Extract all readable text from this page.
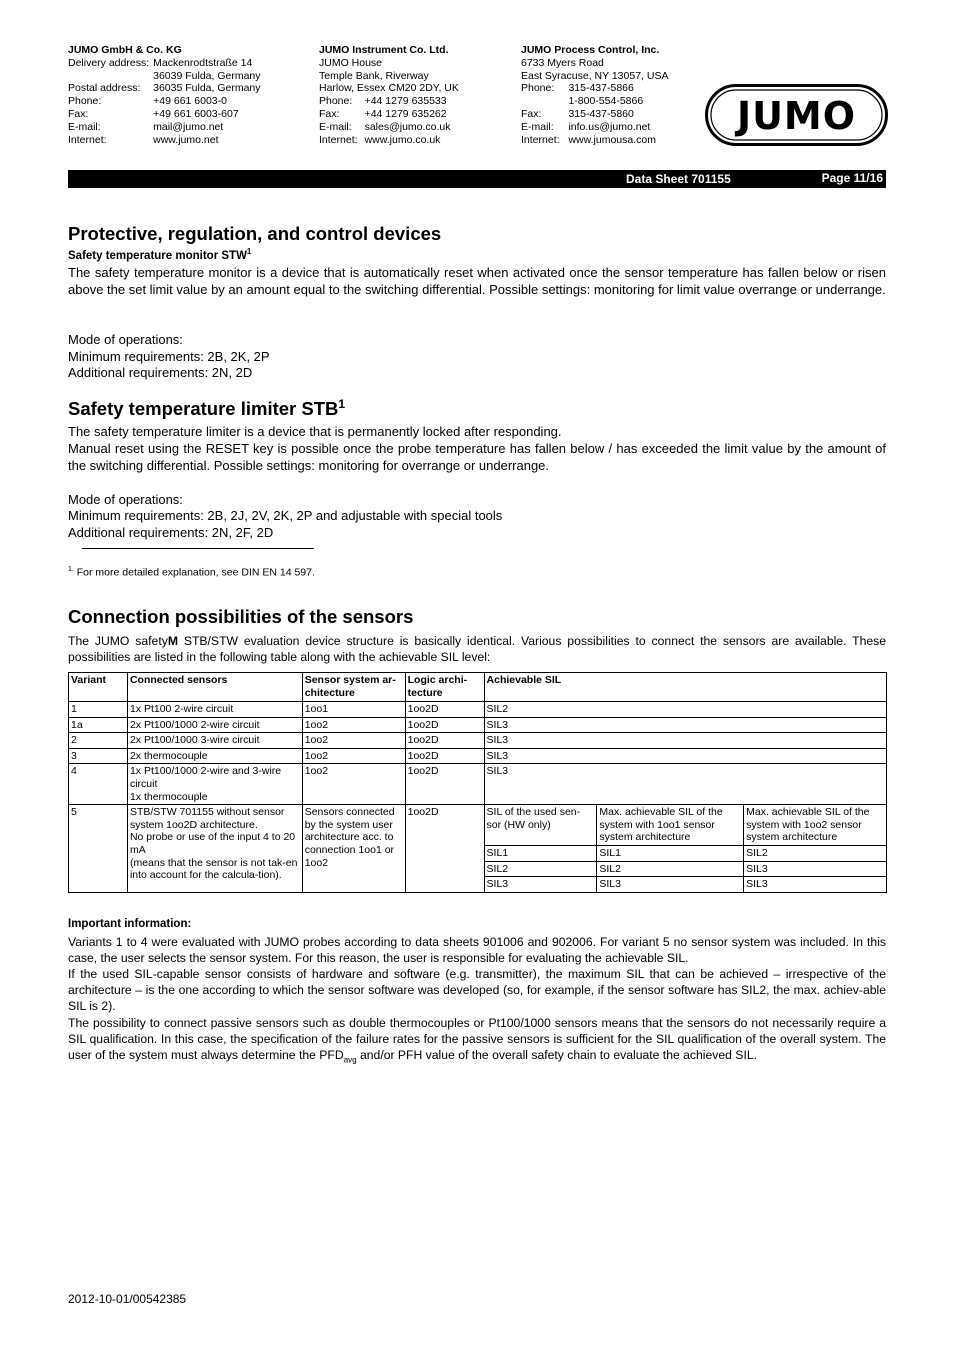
JUMO GmbH & Co. KG
Delivery address:	Mackenrodtstraße 14
	36039 Fulda, Germany
Postal address:	36035 Fulda, Germany
Phone:	+49 661 6003-0
Fax:	+49 661 6003-607
E-mail:	mail@jumo.net
Internet:	www.jumo.net
JUMO Instrument Co. Ltd.
JUMO House	
Temple Bank, Riverway	
Harlow, Essex CM20 2DY, UK	
Phone:	+44 1279 635533
Fax:	+44 1279 635262
E-mail:	sales@jumo.co.uk
Internet:	www.jumo.co.uk
JUMO Process Control, Inc.
6733 Myers Road	
East Syracuse, NY 13057, USA	
Phone:	315-437-5866
	1-800-554-5866
Fax:	315-437-5860
E-mail:	info.us@jumo.net
Internet:	www.jumousa.com
JUMO
Data Sheet 701155	Page 11/16
Protective, regulation, and control devices
Safety temperature monitor STW$^1$
The safety temperature monitor is a device that is automatically reset when activated once the sensor temperature has fallen below or risen above the set limit value by an amount equal to the switching differential. Possible settings: monitoring for limit value overrange or underrange.
Mode of operations:
Minimum requirements: 2B, 2K, 2P
Additional requirements: 2N, 2D
Safety temperature limiter STB$^1$
The safety temperature limiter is a device that is permanently locked after responding.
Manual reset using the RESET key is possible once the probe temperature has fallen below / has exceeded the limit value by the amount of the switching differential. Possible settings: monitoring for overrange or underrange.
Mode of operations:
Minimum requirements: 2B, 2J, 2V, 2K, 2P and adjustable with special tools
Additional requirements: 2N, 2F, 2D
$^{1.}$ For more detailed explanation, see DIN EN 14 597.
Connection possibilities of the sensors
The JUMO safetyM STB/STW evaluation device structure is basically identical. Various possibilities to connect the sensors are available. These possibilities are listed in the following table along with the achievable SIL level:
Variant	Connected sensors	Sensor system ar-chitecture	Logic archi-tecture	Achievable SIL		
1	1x Pt100 2-wire circuit	1oo1	1oo2D	SIL2		
1a	2x Pt100/1000 2-wire circuit	1oo2	1oo2D	SIL3		
2	2x Pt100/1000 3-wire circuit	1oo2	1oo2D	SIL3		
3	2x thermocouple	1oo2	1oo2D	SIL3		
4	1x Pt100/1000 2-wire and 3-wire circuit
1x thermocouple	1oo2	1oo2D	SIL3		
5	STB/STW 701155 without sensor system 1oo2D architecture.
No probe or use of the input 4 to 20 mA
(means that the sensor is not tak-en into account for the calcula-tion).	Sensors connected by the system user architecture acc. to connection 1oo1 or 1oo2	1oo2D	SIL of the used sen-sor (HW only)	Max. achievable SIL of the system with 1oo1 sensor system architecture	Max. achievable SIL of the system with 1oo2 sensor system architecture
				SIL1	SIL1	SIL2
				SIL2	SIL2	SIL3
				SIL3	SIL3	SIL3
Important information:
Variants 1 to 4 were evaluated with JUMO probes according to data sheets 901006 and 902006. For variant 5 no sensor system was included. In this case, the user selects the sensor system. For this reason, the user is responsible for evaluating the achievable SIL.
If the used SIL-capable sensor consists of hardware and software (e.g. transmitter), the maximum SIL that can be achieved – irrespective of the architecture – is the one according to which the sensor software was developed (so, for example, if the sensor software has SIL2, the max. achiev-able SIL is 2).
The possibility to connect passive sensors such as double thermocouples or Pt100/1000 sensors means that the sensors do not necessarily require a SIL qualification. In this case, the specification of the failure rates for the passive sensors is sufficient for the SIL qualification of the overall system. The user of the system must always determine the $PFD_{avg}$ and/or PFH value of the overall safety chain to evaluate the achieved SIL.
2012-10-01/00542385
